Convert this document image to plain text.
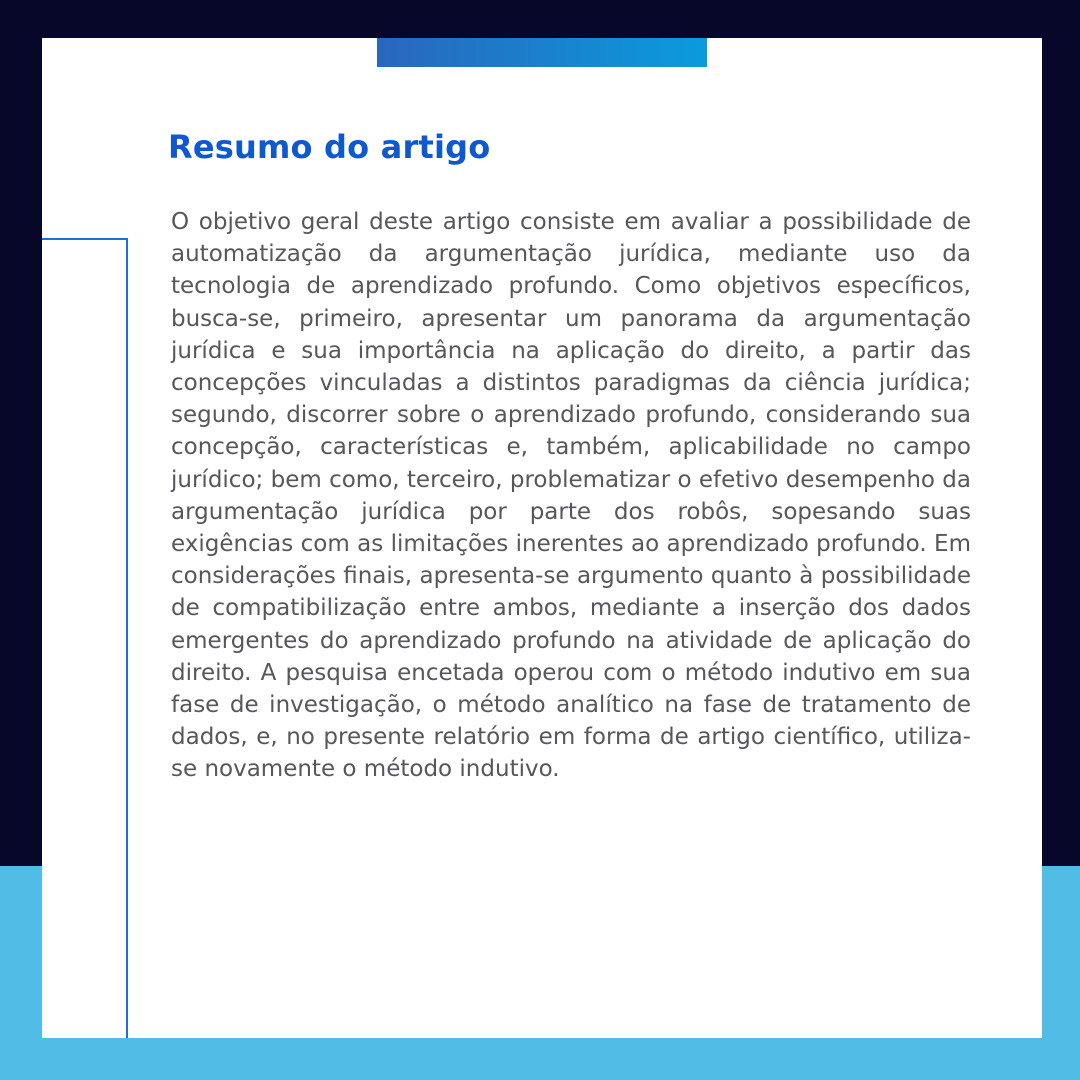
Resumo do artigo

O objetivo geral deste artigo consiste em avaliar a possibilidade de automatização da argumentação jurídica, mediante uso da tecnologia de aprendizado profundo. Como objetivos específicos, busca-se, primeiro, apresentar um panorama da argumentação jurídica e sua importância na aplicação do direito, a partir das concepções vinculadas a distintos paradigmas da ciência jurídica; segundo, discorrer sobre o aprendizado profundo, considerando sua concepção, características e, também, aplicabilidade no campo jurídico; bem como, terceiro, problematizar o efetivo desempenho da argumentação jurídica por parte dos robôs, sopesando suas exigências com as limitações inerentes ao aprendizado profundo. Em considerações finais, apresenta-se argumento quanto à possibilidade de compatibilização entre ambos, mediante a inserção dos dados emergentes do aprendizado profundo na atividade de aplicação do direito. A pesquisa encetada operou com o método indutivo em sua fase de investigação, o método analítico na fase de tratamento de dados, e, no presente relatório em forma de artigo científico, utiliza-se novamente o método indutivo.
